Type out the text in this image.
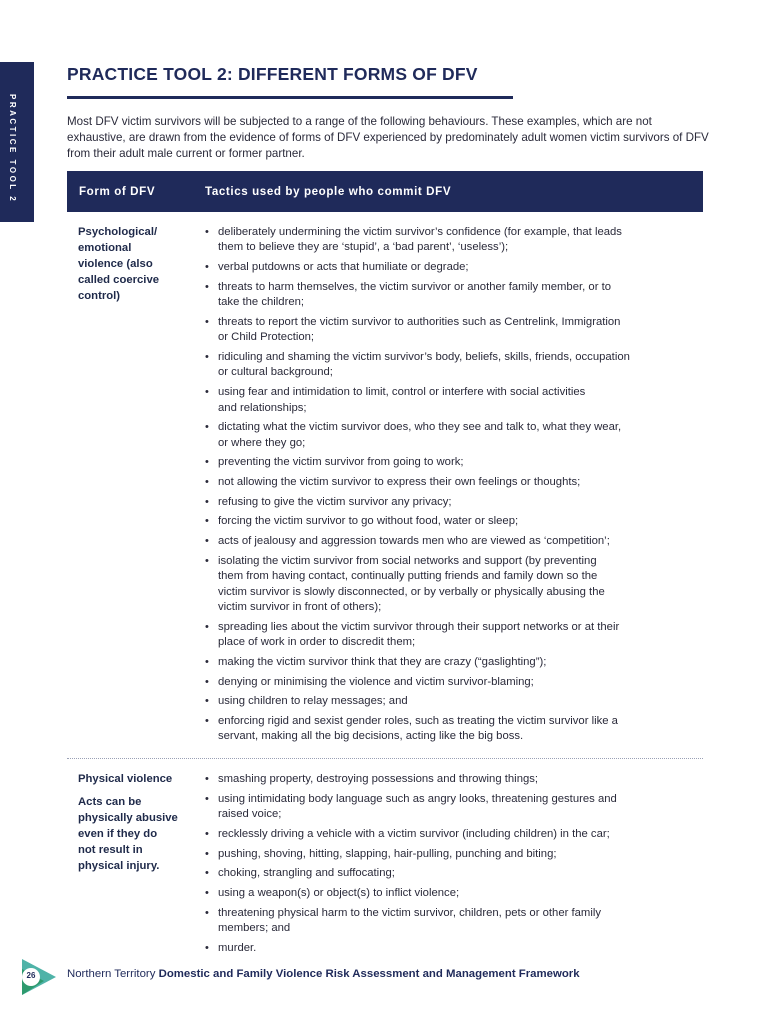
PRACTICE TOOL 2
PRACTICE TOOL 2: DIFFERENT FORMS OF DFV
Most DFV victim survivors will be subjected to a range of the following behaviours. These examples, which are not exhaustive, are drawn from the evidence of forms of DFV experienced by predominately adult women victim survivors of DFV from their adult male current or former partner.
Form of DFV	Tactics used by people who commit DFV
Psychological/
emotional
violence (also
called coercive
control)
• deliberately undermining the victim survivor’s confidence (for example, that leads
them to believe they are ‘stupid’, a ‘bad parent’, ‘useless’);
• verbal putdowns or acts that humiliate or degrade;
• threats to harm themselves, the victim survivor or another family member, or to
take the children;
• threats to report the victim survivor to authorities such as Centrelink, Immigration
or Child Protection;
• ridiculing and shaming the victim survivor’s body, beliefs, skills, friends, occupation
or cultural background;
• using fear and intimidation to limit, control or interfere with social activities
and relationships;
• dictating what the victim survivor does, who they see and talk to, what they wear,
or where they go;
• preventing the victim survivor from going to work;
• not allowing the victim survivor to express their own feelings or thoughts;
• refusing to give the victim survivor any privacy;
• forcing the victim survivor to go without food, water or sleep;
• acts of jealousy and aggression towards men who are viewed as ‘competition’;
• isolating the victim survivor from social networks and support (by preventing
them from having contact, continually putting friends and family down so the
victim survivor is slowly disconnected, or by verbally or physically abusing the
victim survivor in front of others);
• spreading lies about the victim survivor through their support networks or at their
place of work in order to discredit them;
• making the victim survivor think that they are crazy (“gaslighting”);
• denying or minimising the violence and victim survivor-blaming;
• using children to relay messages; and
• enforcing rigid and sexist gender roles, such as treating the victim survivor like a
servant, making all the big decisions, acting like the big boss.
Physical violence
Acts can be
physically abusive
even if they do
not result in
physical injury.
• smashing property, destroying possessions and throwing things;
• using intimidating body language such as angry looks, threatening gestures and
raised voice;
• recklessly driving a vehicle with a victim survivor (including children) in the car;
• pushing, shoving, hitting, slapping, hair-pulling, punching and biting;
• choking, strangling and suffocating;
• using a weapon(s) or object(s) to inflict violence;
• threatening physical harm to the victim survivor, children, pets or other family
members; and
• murder.
26	Northern Territory Domestic and Family Violence Risk Assessment and Management Framework
